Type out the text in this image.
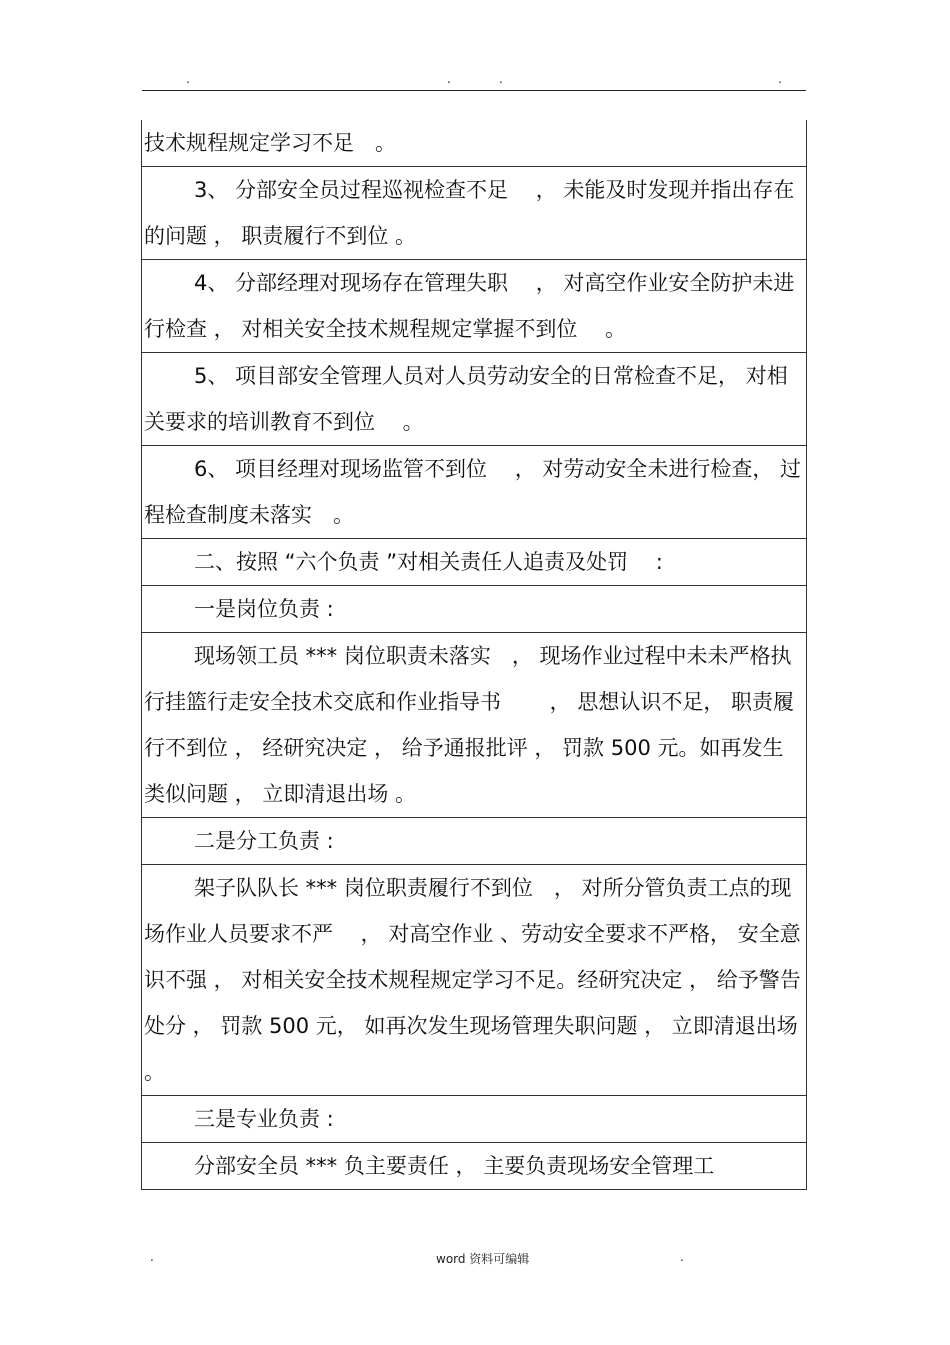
.	.	.	.
技术规程规定学习不足　。
3、 分部安全员过程巡视检查不足　 ， 未能及时发现并指出存在的问题 ， 职责履行不到位 。
4、 分部经理对现场存在管理失职　 ， 对高空作业安全防护未进行检查 ， 对相关安全技术规程规定掌握不到位　 。
5、 项目部安全管理人员对人员劳动安全的日常检查不足， 对相关要求的培训教育不到位　 。
6、 项目经理对现场监管不到位　 ， 对劳动安全未进行检查， 过程检查制度未落实　。
二、按照 “六个负责 ”对相关责任人追责及处罚　 :
一是岗位负责 :
现场领工员 *** 岗位职责未落实　， 现场作业过程中未未严格执行挂篮行走安全技术交底和作业指导书　　 ， 思想认识不足， 职责履行不到位 ， 经研究决定 ， 给予通报批评 ， 罚款 500 元。如再发生类似问题 ， 立即清退出场 。
二是分工负责 :
架子队队长 *** 岗位职责履行不到位　， 对所分管负责工点的现场作业人员要求不严　 ， 对高空作业 、劳动安全要求不严格， 安全意识不强 ， 对相关安全技术规程规定学习不足。经研究决定 ， 给予警告处分 ， 罚款 500 元， 如再次发生现场管理失职问题 ， 立即清退出场 。
三是专业负责 :
分部安全员 *** 负主要责任 ， 主要负责现场安全管理工
.	word 资料可编辑	.
